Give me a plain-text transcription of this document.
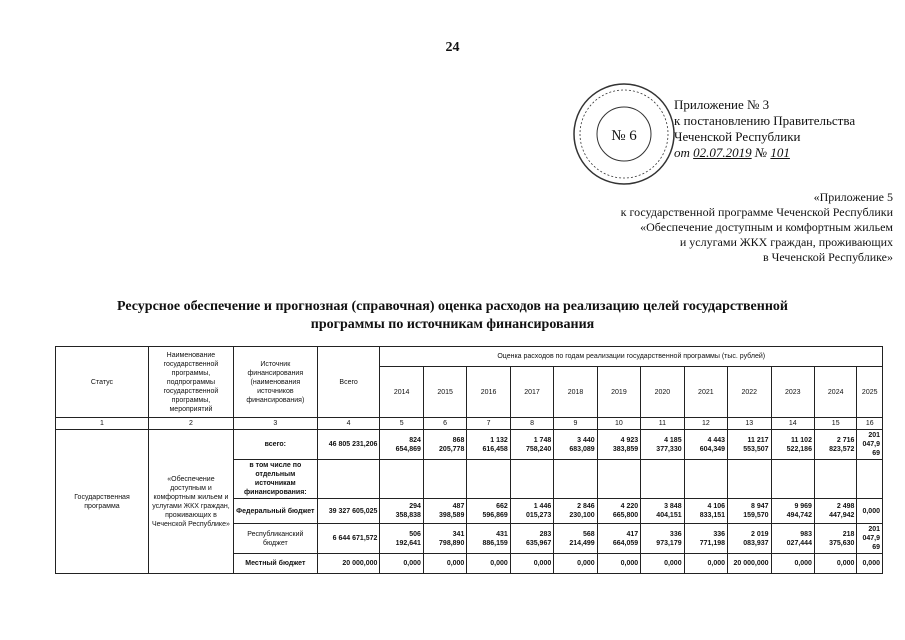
24
№ 6
Приложение № 3
к постановлению Правительства
Чеченской Республики
от 02.07.2019 № 101
«Приложение 5
к государственной программе Чеченской Республики
«Обеспечение доступным и комфортным жильем
и услугами ЖКХ граждан, проживающих
в Чеченской Республике»
Ресурсное обеспечение и прогнозная (справочная) оценка расходов на реализацию целей государственной
программы по источникам финансирования
Статус	Наименование государственной программы, подпрограммы государственной программы, мероприятий	Источник финансирования (наименования источников финансирования)	Всего	Оценка расходов по годам реализации государственной программы (тыс. рублей)											
				2014	2015	2016	2017	2018	2019	2020	2021	2022	2023	2024	2025
1	2	3	4	5	6	7	8	9	10	11	12	13	14	15	16
Государственная программа	«Обеспечение доступным и комфортным жильем и услугами ЖКХ граждан, проживающих в Чеченской Республике»	всего:	46 805 231,206	824 654,869	868 205,778	1 132 616,458	1 748 758,240	3 440 683,089	4 923 383,859	4 185 377,330	4 443 604,349	11 217 553,507	11 102 522,186	2 716 823,572	201 047,9 69
		в том числе по отдельным источникам финансирования:													
		Федеральный бюджет	39 327 605,025	294 358,838	487 398,589	662 596,869	1 446 015,273	2 846 230,100	4 220 665,800	3 848 404,151	4 106 833,151	8 947 159,570	9 969 494,742	2 498 447,942	0,000
		Республиканский бюджет	6 644 671,572	506 192,641	341 798,890	431 886,159	283 635,967	568 214,499	417 664,059	336 973,179	336 771,198	2 019 083,937	983 027,444	218 375,630	201 047,9 69
		Местный бюджет	20 000,000	0,000	0,000	0,000	0,000	0,000	0,000	0,000	0,000	20 000,000	0,000	0,000	0,000
